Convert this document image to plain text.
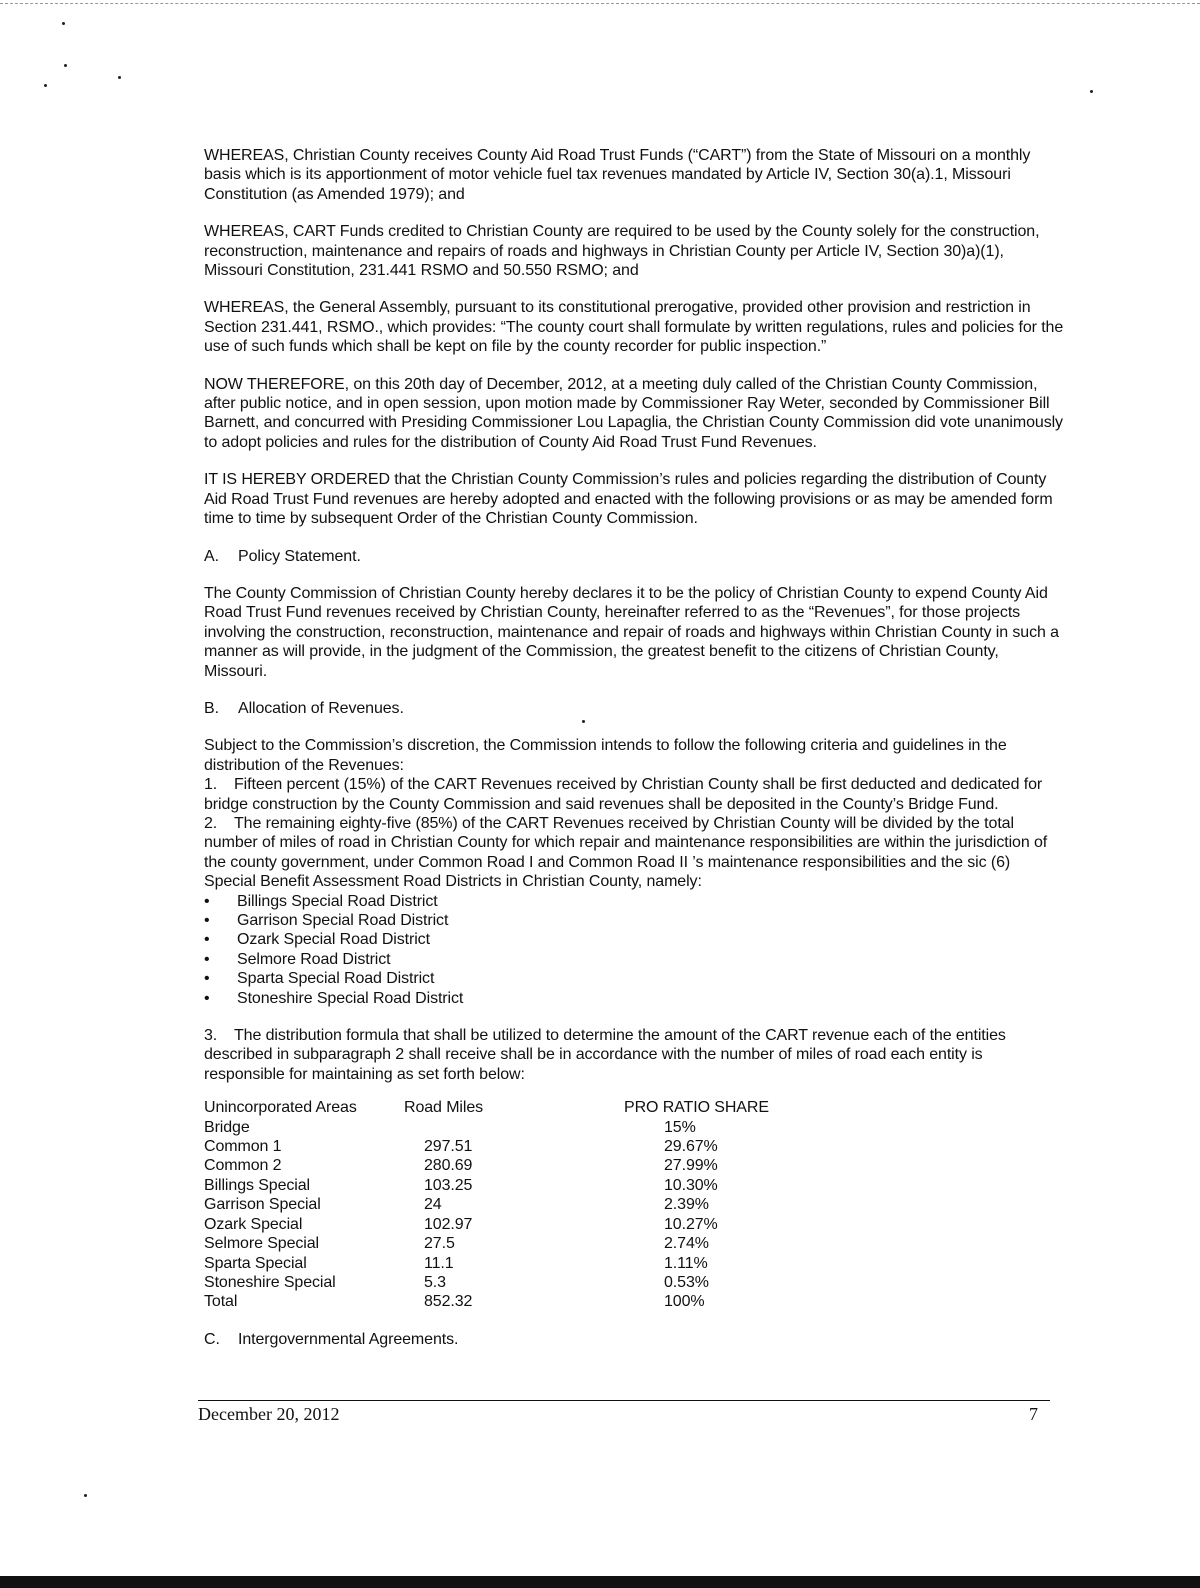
WHEREAS, Christian County receives County Aid Road Trust Funds (“CART”) from the State of Missouri on a monthly basis which is its apportionment of motor vehicle fuel tax revenues mandated by Article IV, Section 30(a).1, Missouri Constitution (as Amended 1979); and

WHEREAS, CART Funds credited to Christian County are required to be used by the County solely for the construction, reconstruction, maintenance and repairs of roads and highways in Christian County per Article IV, Section 30)a)(1), Missouri Constitution, 231.441 RSMO and 50.550 RSMO; and

WHEREAS, the General Assembly, pursuant to its constitutional prerogative, provided other provision and restriction in Section 231.441, RSMO., which provides: “The county court shall formulate by written regulations, rules and policies for the use of such funds which shall be kept on file by the county recorder for public inspection.”

NOW THEREFORE, on this 20th day of December, 2012, at a meeting duly called of the Christian County Commission, after public notice, and in open session, upon motion made by Commissioner Ray Weter, seconded by Commissioner Bill Barnett, and concurred with Presiding Commissioner Lou Lapaglia, the Christian County Commission did vote unanimously to adopt policies and rules for the distribution of County Aid Road Trust Fund Revenues.

IT IS HEREBY ORDERED that the Christian County Commission’s rules and policies regarding the distribution of County Aid Road Trust Fund revenues are hereby adopted and enacted with the following provisions or as may be amended form time to time by subsequent Order of the Christian County Commission.

A. Policy Statement.

The County Commission of Christian County hereby declares it to be the policy of Christian County to expend County Aid Road Trust Fund revenues received by Christian County, hereinafter referred to as the “Revenues”, for those projects involving the construction, reconstruction, maintenance and repair of roads and highways within Christian County in such a manner as will provide, in the judgment of the Commission, the greatest benefit to the citizens of Christian County, Missouri.

B. Allocation of Revenues.

Subject to the Commission’s discretion, the Commission intends to follow the following criteria and guidelines in the distribution of the Revenues:

1. Fifteen percent (15%) of the CART Revenues received by Christian County shall be first deducted and dedicated for bridge construction by the County Commission and said revenues shall be deposited in the County’s Bridge Fund.

2. The remaining eighty-five (85%) of the CART Revenues received by Christian County will be divided by the total number of miles of road in Christian County for which repair and maintenance responsibilities are within the jurisdiction of the county government, under Common Road I and Common Road II ’s maintenance responsibilities and the sic (6) Special Benefit Assessment Road Districts in Christian County, namely:

• Billings Special Road District
• Garrison Special Road District
• Ozark Special Road District
• Selmore Road District
• Sparta Special Road District
• Stoneshire Special Road District

3. The distribution formula that shall be utilized to determine the amount of the CART revenue each of the entities described in subparagraph 2 shall receive shall be in accordance with the number of miles of road each entity is responsible for maintaining as set forth below:

Unincorporated Areas	Road Miles	PRO RATIO SHARE
Bridge		15%
Common 1	297.51	29.67%
Common 2	280.69	27.99%
Billings Special	103.25	10.30%
Garrison Special	24	2.39%
Ozark Special	102.97	10.27%
Selmore Special	27.5	2.74%
Sparta Special	11.1	1.11%
Stoneshire Special	5.3	0.53%
Total	852.32	100%
C. Intergovernmental Agreements.
December 20, 2012	7
